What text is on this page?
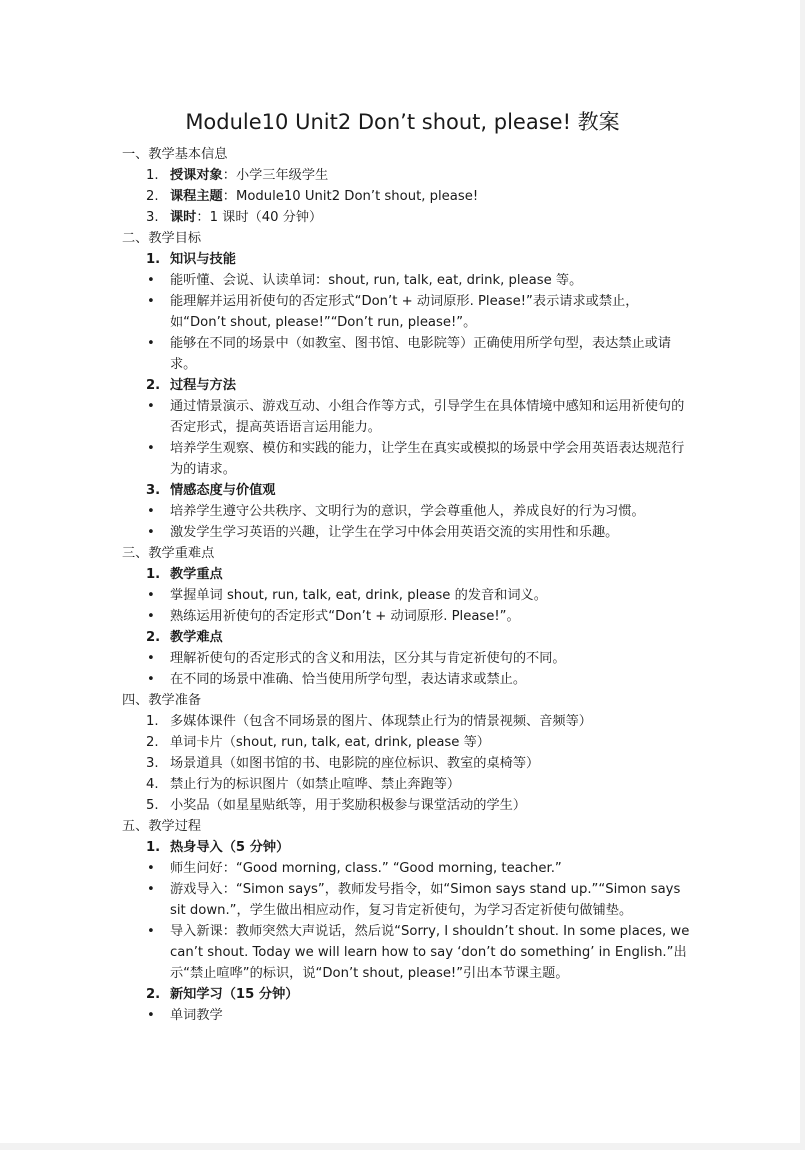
Module10 Unit2 Don’t shout, please! 教案
一、教学基本信息
1. 授课对象：小学三年级学生
2. 课程主题：Module10 Unit2 Don’t shout, please!
3. 课时：1 课时（40 分钟）
二、教学目标
1. 知识与技能
• 能听懂、会说、认读单词：shout, run, talk, eat, drink, please 等。
• 能理解并运用祈使句的否定形式“Don’t + 动词原形. Please!”表示请求或禁止，如“Don’t shout, please!”“Don’t run, please!”。
• 能够在不同的场景中（如教室、图书馆、电影院等）正确使用所学句型，表达禁止或请求。
2. 过程与方法
• 通过情景演示、游戏互动、小组合作等方式，引导学生在具体情境中感知和运用祈使句的否定形式，提高英语语言运用能力。
• 培养学生观察、模仿和实践的能力，让学生在真实或模拟的场景中学会用英语表达规范行为的请求。
3. 情感态度与价值观
• 培养学生遵守公共秩序、文明行为的意识，学会尊重他人，养成良好的行为习惯。
• 激发学生学习英语的兴趣，让学生在学习中体会用英语交流的实用性和乐趣。
三、教学重难点
1. 教学重点
• 掌握单词 shout, run, talk, eat, drink, please 的发音和词义。
• 熟练运用祈使句的否定形式“Don’t + 动词原形. Please!”。
2. 教学难点
• 理解祈使句的否定形式的含义和用法，区分其与肯定祈使句的不同。
• 在不同的场景中准确、恰当使用所学句型，表达请求或禁止。
四、教学准备
1. 多媒体课件（包含不同场景的图片、体现禁止行为的情景视频、音频等）
2. 单词卡片（shout, run, talk, eat, drink, please 等）
3. 场景道具（如图书馆的书、电影院的座位标识、教室的桌椅等）
4. 禁止行为的标识图片（如禁止喧哗、禁止奔跑等）
5. 小奖品（如星星贴纸等，用于奖励积极参与课堂活动的学生）
五、教学过程
1. 热身导入（5 分钟）
• 师生问好：“Good morning, class.” “Good morning, teacher.”
• 游戏导入：“Simon says”，教师发号指令，如“Simon says stand up.”“Simon says sit down.”，学生做出相应动作，复习肯定祈使句，为学习否定祈使句做铺垫。
• 导入新课：教师突然大声说话，然后说“Sorry, I shouldn’t shout. In some places, we can’t shout. Today we will learn how to say ‘don’t do something’ in English.”出示“禁止喧哗”的标识，说“Don’t shout, please!”引出本节课主题。
2. 新知学习（15 分钟）
• 单词教学
